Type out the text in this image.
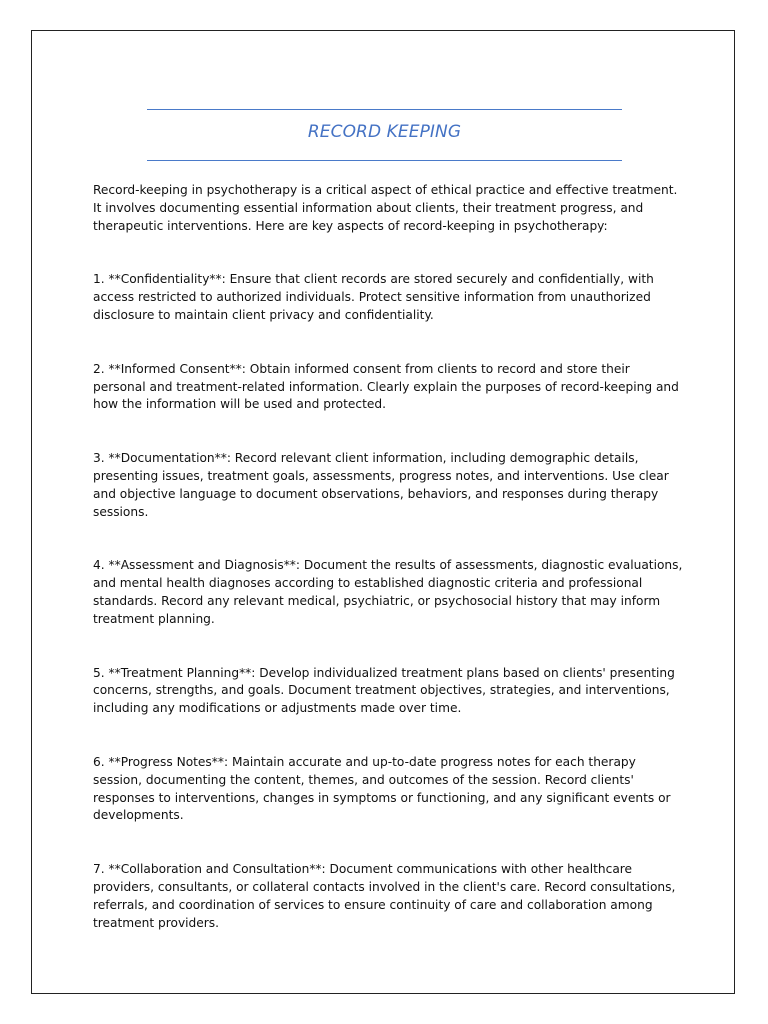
RECORD KEEPING

Record-keeping in psychotherapy is a critical aspect of ethical practice and effective treatment. It involves documenting essential information about clients, their treatment progress, and therapeutic interventions. Here are key aspects of record-keeping in psychotherapy:

1. **Confidentiality**: Ensure that client records are stored securely and confidentially, with access restricted to authorized individuals. Protect sensitive information from unauthorized disclosure to maintain client privacy and confidentiality.

2. **Informed Consent**: Obtain informed consent from clients to record and store their personal and treatment-related information. Clearly explain the purposes of record-keeping and how the information will be used and protected.

3. **Documentation**: Record relevant client information, including demographic details, presenting issues, treatment goals, assessments, progress notes, and interventions. Use clear and objective language to document observations, behaviors, and responses during therapy sessions.

4. **Assessment and Diagnosis**: Document the results of assessments, diagnostic evaluations, and mental health diagnoses according to established diagnostic criteria and professional standards. Record any relevant medical, psychiatric, or psychosocial history that may inform treatment planning.

5. **Treatment Planning**: Develop individualized treatment plans based on clients' presenting concerns, strengths, and goals. Document treatment objectives, strategies, and interventions, including any modifications or adjustments made over time.

6. **Progress Notes**: Maintain accurate and up-to-date progress notes for each therapy session, documenting the content, themes, and outcomes of the session. Record clients' responses to interventions, changes in symptoms or functioning, and any significant events or developments.

7. **Collaboration and Consultation**: Document communications with other healthcare providers, consultants, or collateral contacts involved in the client's care. Record consultations, referrals, and coordination of services to ensure continuity of care and collaboration among treatment providers.
